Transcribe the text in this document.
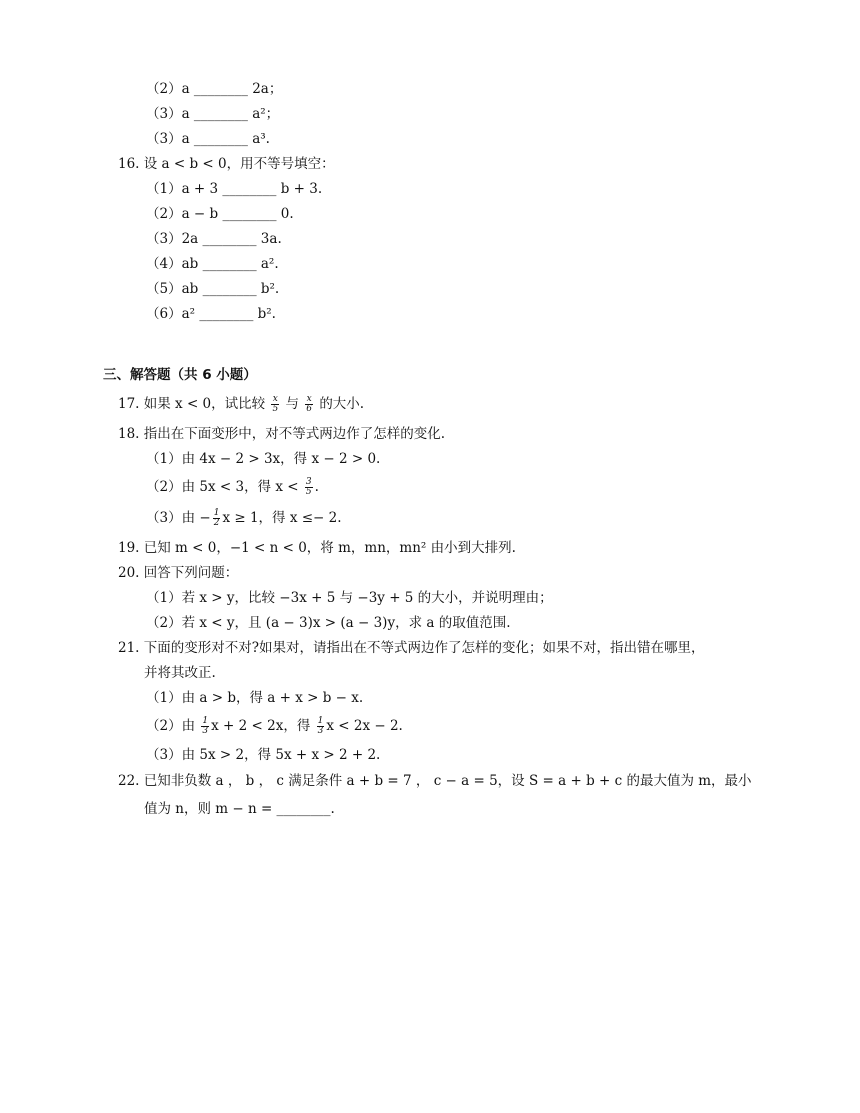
（2）a ________ 2a；
（3）a ________ a²；
（3）a ________ a³.
16. 设 a < b < 0，用不等号填空：
（1）a + 3 ________ b + 3.
（2）a − b ________ 0.
（3）2a ________ 3a.
（4）ab ________ a².
（5）ab ________ b².
（6）a² ________ b².
三、解答题（共 6 小题）
17. 如果 x < 0，试比较 $\frac{x}{5}$ 与 $\frac{x}{6}$ 的大小.
18. 指出在下面变形中，对不等式两边作了怎样的变化.
（1）由 4x − 2 > 3x，得 x − 2 > 0.
（2）由 5x < 3，得 $x < \frac{3}{5}$ .
（3）由 − $\frac{1}{2}$ x ≥ 1，得 x ≤− 2.
19. 已知 m < 0，−1 < n < 0，将 m，mn，mn² 由小到大排列.
20. 回答下列问题：
（1）若 x > y，比较 −3x + 5 与 −3y + 5 的大小，并说明理由；
（2）若 x < y，且 (a − 3)x > (a − 3)y，求 a 的取值范围.
21. 下面的变形对不对?如果对，请指出在不等式两边作了怎样的变化；如果不对，指出错在哪里，
并将其改正.
（1）由 a > b，得 a + x > b − x.
（2）由 $\frac{1}{3}$ x + 2 < 2x，得 $\frac{1}{3}$ x < 2x − 2.
（3）由 5x > 2，得 5x + x > 2 + 2.
22. 已知非负数 a ， b ， c 满足条件 a + b = 7 ， c − a = 5，设 S = a + b + c 的最大值为 m，最小
值为 n，则 m − n = ________.
